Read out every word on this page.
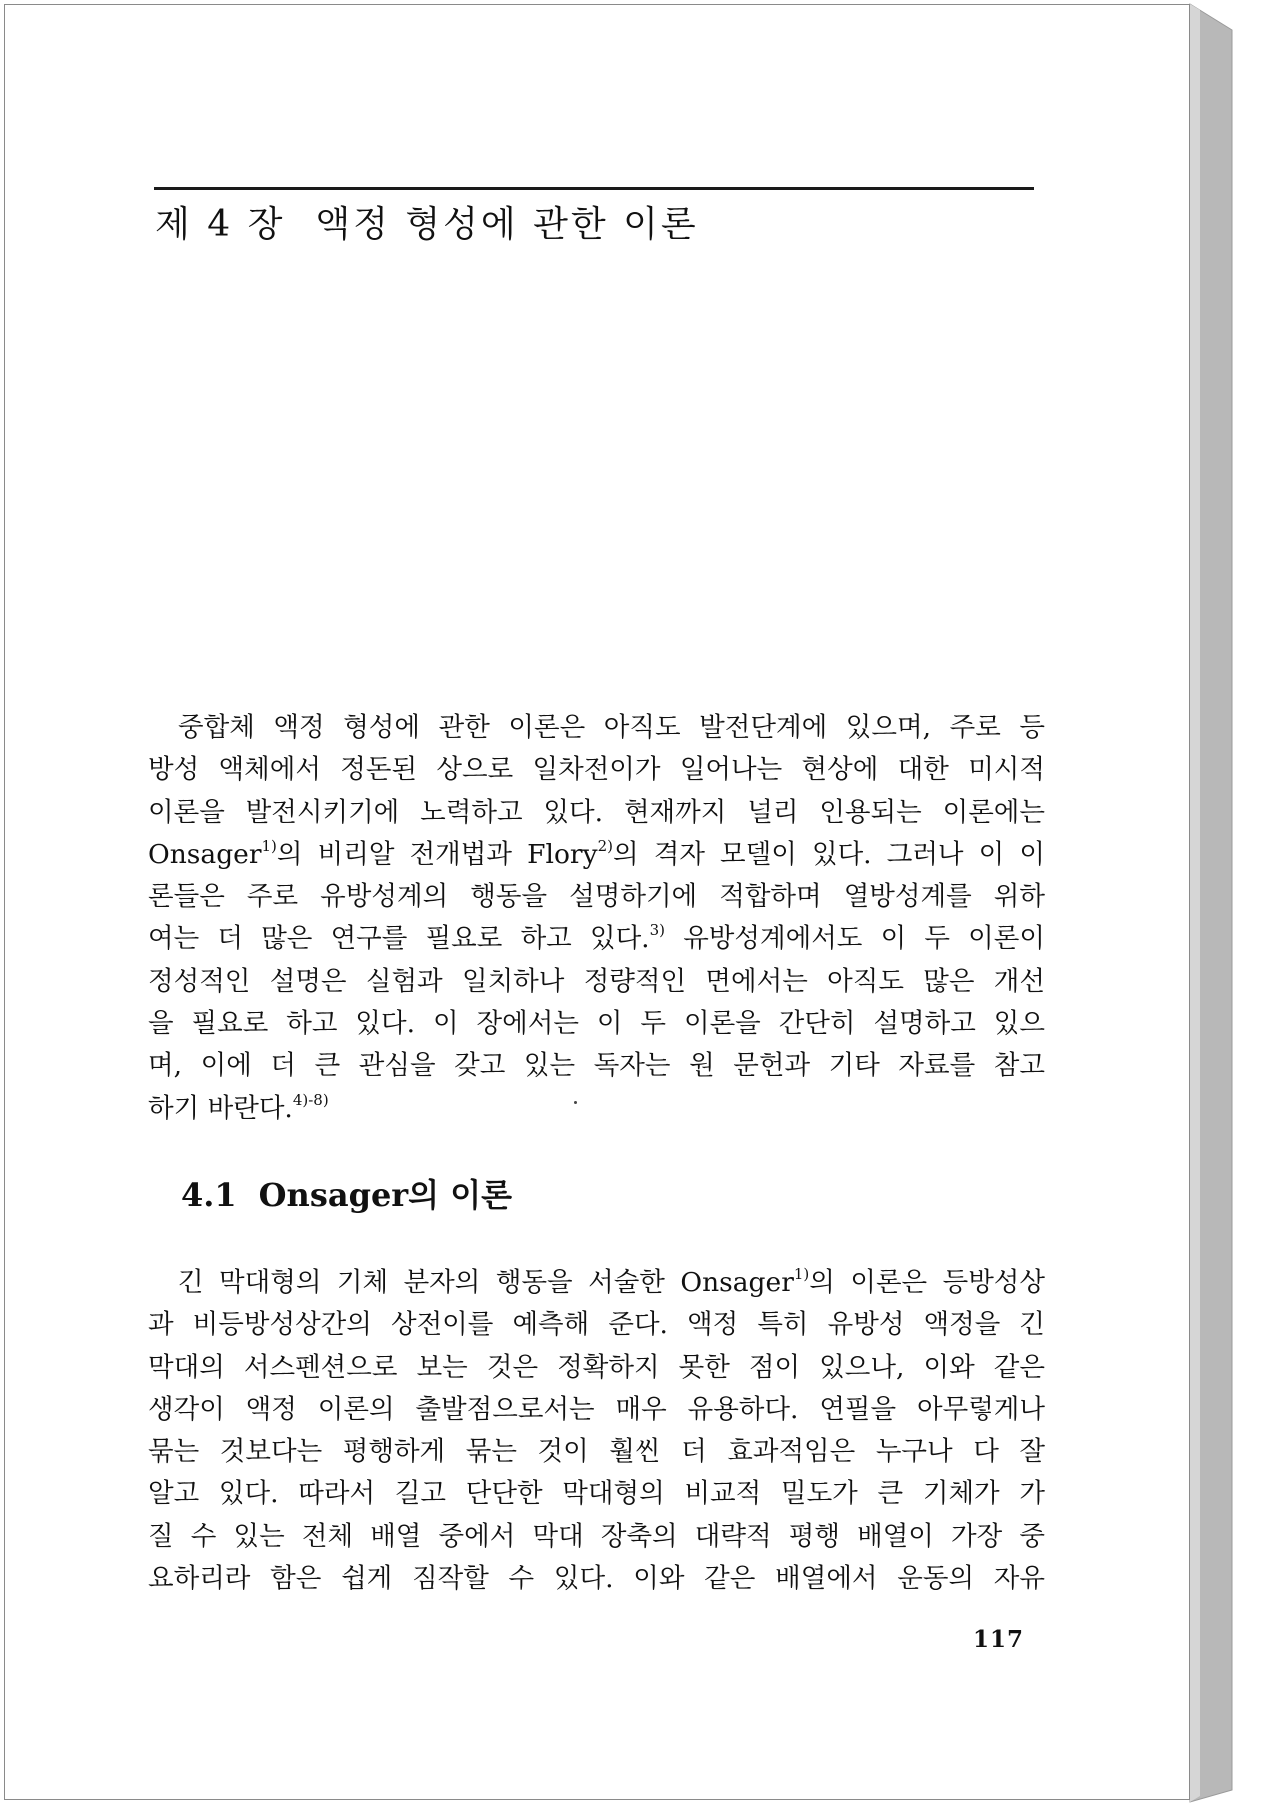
제 4 장 액정 형성에 관한 이론
중합체 액정 형성에 관한 이론은 아직도 발전단계에 있으며, 주로 등
방성 액체에서 정돈된 상으로 일차전이가 일어나는 현상에 대한 미시적
이론을 발전시키기에 노력하고 있다. 현재까지 널리 인용되는 이론에는
Onsager$^{1)}$의 비리알 전개법과 Flory$^{2)}$의 격자 모델이 있다. 그러나 이 이
론들은 주로 유방성계의 행동을 설명하기에 적합하며 열방성계를 위하
여는 더 많은 연구를 필요로 하고 있다.$^{3)}$ 유방성계에서도 이 두 이론이
정성적인 설명은 실험과 일치하나 정량적인 면에서는 아직도 많은 개선
을 필요로 하고 있다. 이 장에서는 이 두 이론을 간단히 설명하고 있으
며, 이에 더 큰 관심을 갖고 있는 독자는 원 문헌과 기타 자료를 참고
하기 바란다.$^{4)-8)}$
4.1 Onsager의 이론
긴 막대형의 기체 분자의 행동을 서술한 Onsager$^{1)}$의 이론은 등방성상
과 비등방성상간의 상전이를 예측해 준다. 액정 특히 유방성 액정을 긴
막대의 서스펜션으로 보는 것은 정확하지 못한 점이 있으나, 이와 같은
생각이 액정 이론의 출발점으로서는 매우 유용하다. 연필을 아무렇게나
묶는 것보다는 평행하게 묶는 것이 훨씬 더 효과적임은 누구나 다 잘
알고 있다. 따라서 길고 단단한 막대형의 비교적 밀도가 큰 기체가 가
질 수 있는 전체 배열 중에서 막대 장축의 대략적 평행 배열이 가장 중
요하리라 함은 쉽게 짐작할 수 있다. 이와 같은 배열에서 운동의 자유
117
